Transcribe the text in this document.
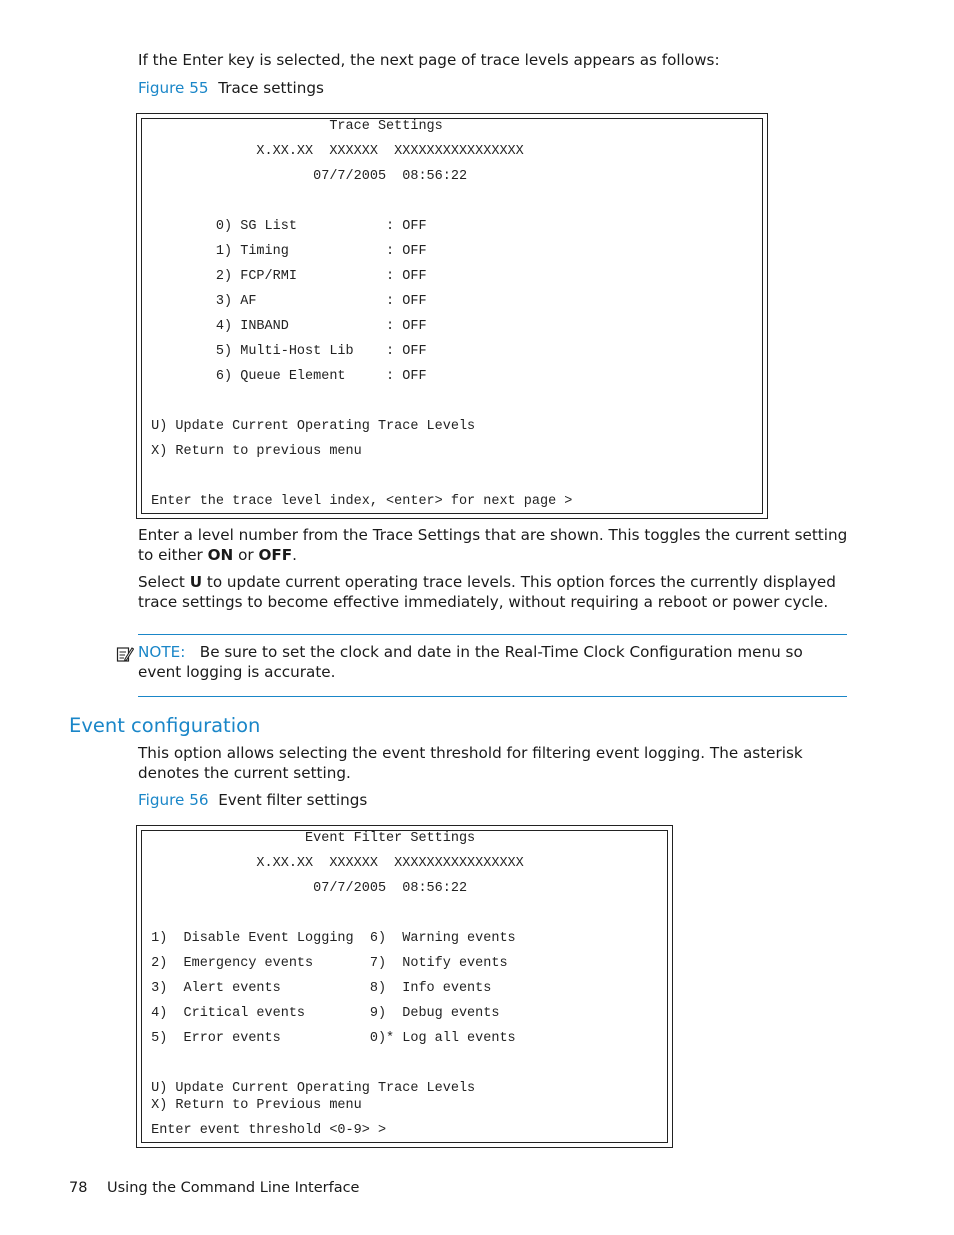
If the Enter key is selected, the next page of trace levels appears as follows:

Figure 55 Trace settings
Trace Settings
X.XX.XX  XXXXXX  XXXXXXXXXXXXXXXX
07/7/2005  08:56:22
0) SG List           : OFF
1) Timing            : OFF
2) FCP/RMI           : OFF
3) AF                : OFF
4) INBAND            : OFF
5) Multi-Host Lib    : OFF
6) Queue Element     : OFF
U) Update Current Operating Trace Levels
X) Return to previous menu
Enter the trace level index, <enter> for next page >

Enter a level number from the Trace Settings that are shown. This toggles the current setting to either ON or OFF.

Select U to update current operating trace levels. This option forces the currently displayed trace settings to become effective immediately, without requiring a reboot or power cycle.

NOTE: Be sure to set the clock and date in the Real-Time Clock Configuration menu so event logging is accurate.

Event configuration

This option allows selecting the event threshold for filtering event logging. The asterisk denotes the current setting.

Figure 56 Event filter settings
Event Filter Settings
X.XX.XX  XXXXXX  XXXXXXXXXXXXXXXX
07/7/2005  08:56:22
1)  Disable Event Logging  6)  Warning events
2)  Emergency events       7)  Notify events
3)  Alert events           8)  Info events
4)  Critical events        9)  Debug events
5)  Error events           0)* Log all events
U) Update Current Operating Trace Levels
X) Return to Previous menu
Enter event threshold <0-9> >
78 Using the Command Line Interface
